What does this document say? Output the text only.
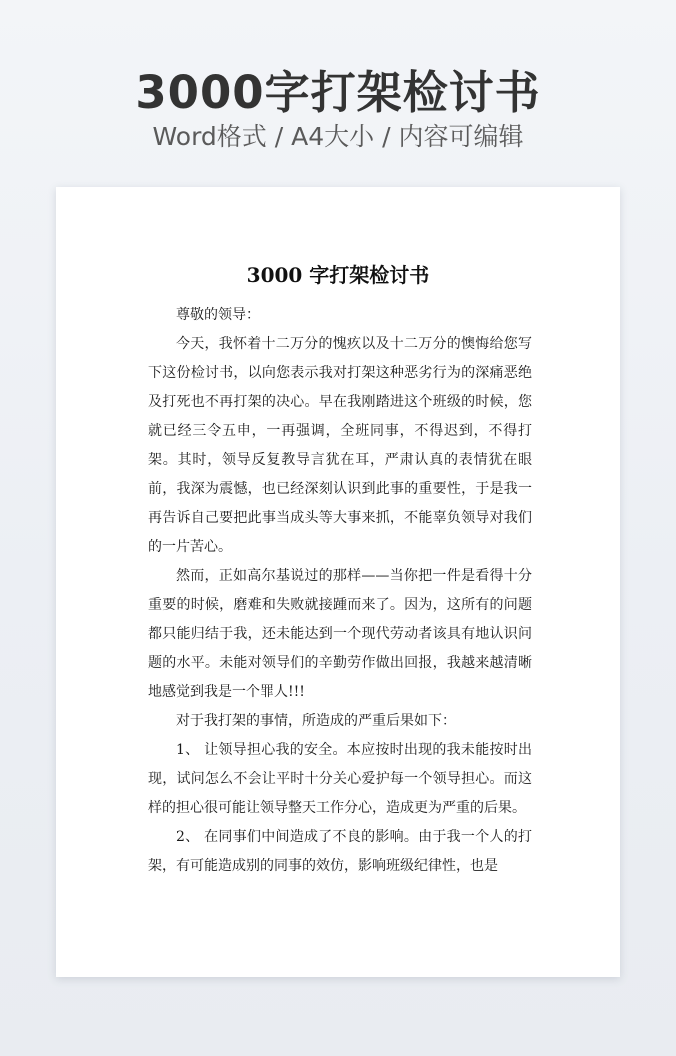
3000字打架检讨书
Word格式 / A4大小 / 内容可编辑
3000 字打架检讨书

尊敬的领导：

今天，我怀着十二万分的愧疚以及十二万分的懊悔给您写下这份检讨书，以向您表示我对打架这种恶劣行为的深痛恶绝及打死也不再打架的决心。早在我刚踏进这个班级的时候，您就已经三令五申，一再强调，全班同事，不得迟到，不得打架。其时，领导反复教导言犹在耳，严肃认真的表情犹在眼前，我深为震憾，也已经深刻认识到此事的重要性，于是我一再告诉自己要把此事当成头等大事来抓，不能辜负领导对我们的一片苦心。

然而，正如高尔基说过的那样——当你把一件是看得十分重要的时候，磨难和失败就接踵而来了。因为，这所有的问题都只能归结于我，还未能达到一个现代劳动者该具有地认识问题的水平。未能对领导们的辛勤劳作做出回报，我越来越清晰地感觉到我是一个罪人!!!

对于我打架的事情，所造成的严重后果如下：

1、 让领导担心我的安全。本应按时出现的我未能按时出现，试问怎么不会让平时十分关心爱护每一个领导担心。而这样的担心很可能让领导整天工作分心，造成更为严重的后果。

2、 在同事们中间造成了不良的影响。由于我一个人的打架，有可能造成别的同事的效仿，影响班级纪律性，也是
